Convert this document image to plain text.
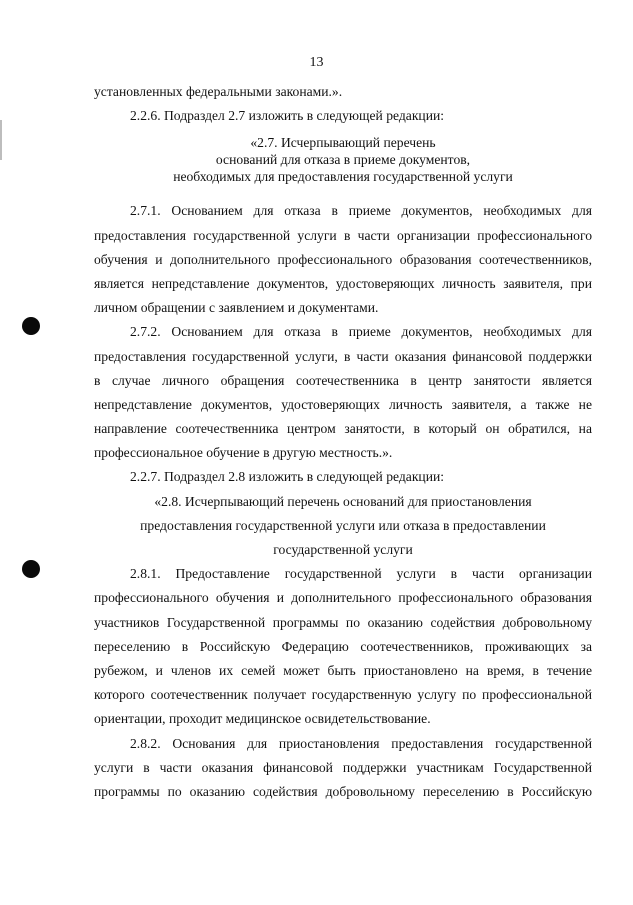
13
установленных федеральными законами.».
2.2.6. Подраздел 2.7 изложить в следующей редакции:
«2.7. Исчерпывающий перечень
оснований для отказа в приеме документов,
необходимых для предоставления государственной услуги
2.7.1. Основанием для отказа в приеме документов, необходимых для
предоставления государственной услуги в части организации профессионального
обучения и дополнительного профессионального образования соотечественников,
является непредставление документов, удостоверяющих личность заявителя, при
личном обращении с заявлением и документами.
2.7.2. Основанием для отказа в приеме документов, необходимых для
предоставления государственной услуги, в части оказания финансовой поддержки
в случае личного обращения соотечественника в центр занятости является
непредставление документов, удостоверяющих личность заявителя, а также не
направление соотечественника центром занятости, в который он обратился, на
профессиональное обучение в другую местность.».
2.2.7. Подраздел 2.8 изложить в следующей редакции:
«2.8. Исчерпывающий перечень оснований для приостановления
предоставления государственной услуги или отказа в предоставлении
государственной услуги
2.8.1. Предоставление государственной услуги в части организации
профессионального обучения и дополнительного профессионального образования
участников Государственной программы по оказанию содействия добровольному
переселению в Российскую Федерацию соотечественников, проживающих за
рубежом, и членов их семей может быть приостановлено на время, в течение
которого соотечественник получает государственную услугу по профессиональной
ориентации, проходит медицинское освидетельствование.
2.8.2. Основания для приостановления предоставления государственной
услуги в части оказания финансовой поддержки участникам Государственной
программы по оказанию содействия добровольному переселению в Российскую
